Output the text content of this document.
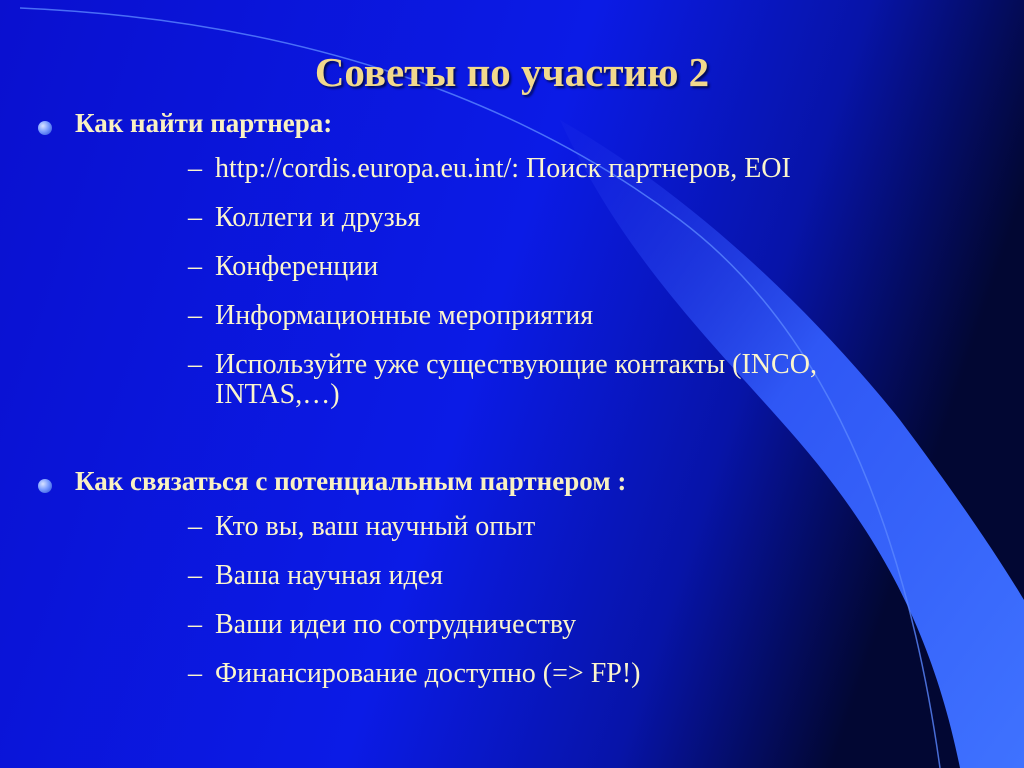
Советы по участию 2
Как найти партнера:
– http://cordis.europa.eu.int/: Поиск партнеров, EOI
– Коллеги и друзья
– Конференции
– Информационные мероприятия
– Используйте уже существующие контакты (INCO,
INTAS,…)
Как связаться с потенциальным партнером :
– Кто вы, ваш научный опыт
– Ваша научная идея
– Ваши идеи по сотрудничеству
– Финансирование доступно (=> FP!)
